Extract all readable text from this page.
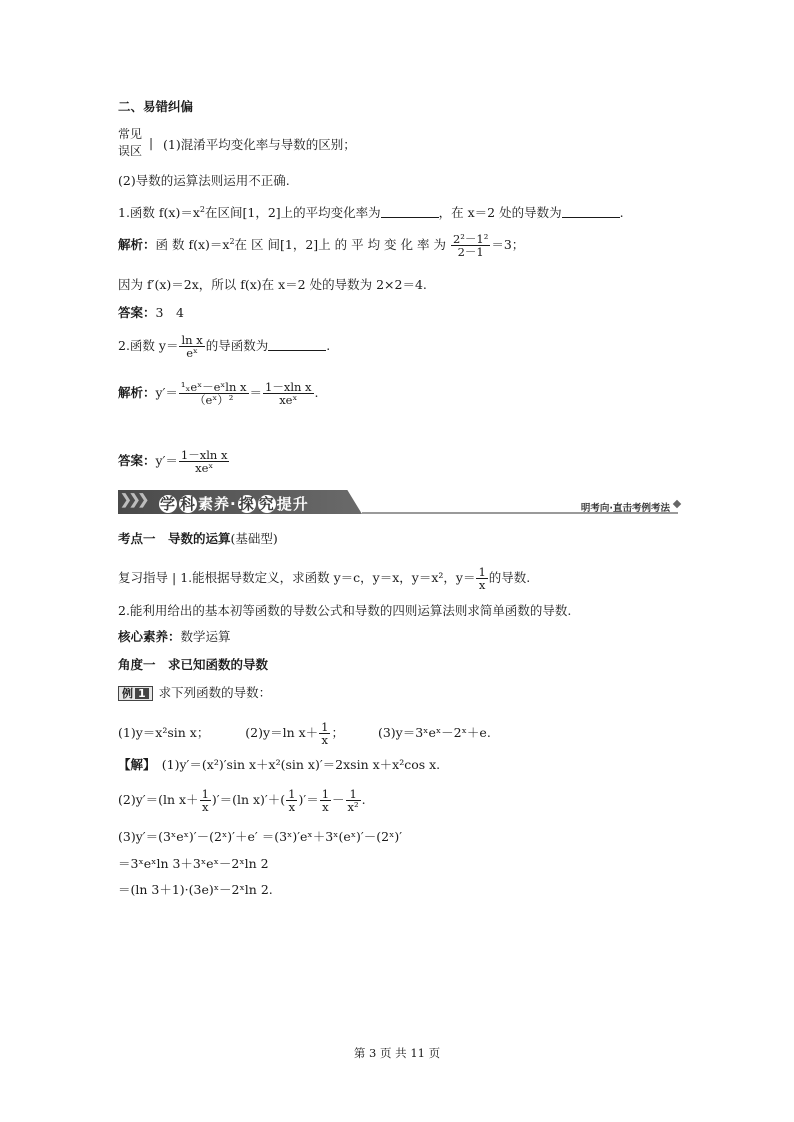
二、易错纠偏
常见
误区
| (1)混淆平均变化率与导数的区别；
(2)导数的运算法则运用不正确.
1.函数 $f(x)=x^2$在区间[1，2]上的平均变化率为	，在 x＝2 处的导数为	.
解析：函 数 $f(x)=x^2$在 区 间[1，2]上 的 平 均 变 化 率 为 $\frac{\text{2²－1²}}{2-1} =3$；
因为 f′(x)＝2x，所以 f(x)在 x＝2 处的导数为 2×2＝4.
答案：3　4
2.函数 $y= \frac{\text{ln x}}{\text{eˣ}}$ 的导函数为	.
解析：$y'= \frac{\text{¹ₓeˣ－eˣln x}}{\text{（eˣ）²}} = \frac{\text{1－xln x}}{\text{xeˣ}}$ .
答案：$y'= \frac{\text{1－xln x}}{\text{xeˣ}}$
❯❯❯ 学 科 素养· 探 究 提升	明考向·直击考例考法
考点一　导数的运算(基础型)
复习指导 | 1.能根据导数定义，求函数 y＝c，y＝x，y＝x²，$y= \frac{1}{x}$ 的导数.
2.能利用给出的基本初等函数的导数公式和导数的四则运算法则求简单函数的导数.
核心素养：数学运算
角度一　求已知函数的导数
例 1 求下列函数的导数：
(1)y＝x²sin x；	(2)y＝ln $x+ \frac{1}{x}$ ；	(3)y＝3ˣeˣ－2ˣ＋e.
【解】　 (1)y′＝(x²)′sin x＋x²(sin x)′＝2xsin x＋x²cos x.
(2)y′＝(ln $x+ \frac{1}{x} )'=(\ln$ $x)'+( \frac{1}{x}$ )′＝ $\frac{1}{x} - \frac{1}{\text{x²}}$ .
(3)y′＝(3ˣeˣ)′－(2ˣ)′＋e′ ＝(3ˣ)′eˣ＋3ˣ(eˣ)′－(2ˣ)′
＝3ˣeˣln 3＋3ˣeˣ－2ˣln 2
＝(ln 3＋1)·(3e)ˣ－2ˣln 2.
第 3 页 共 11 页
